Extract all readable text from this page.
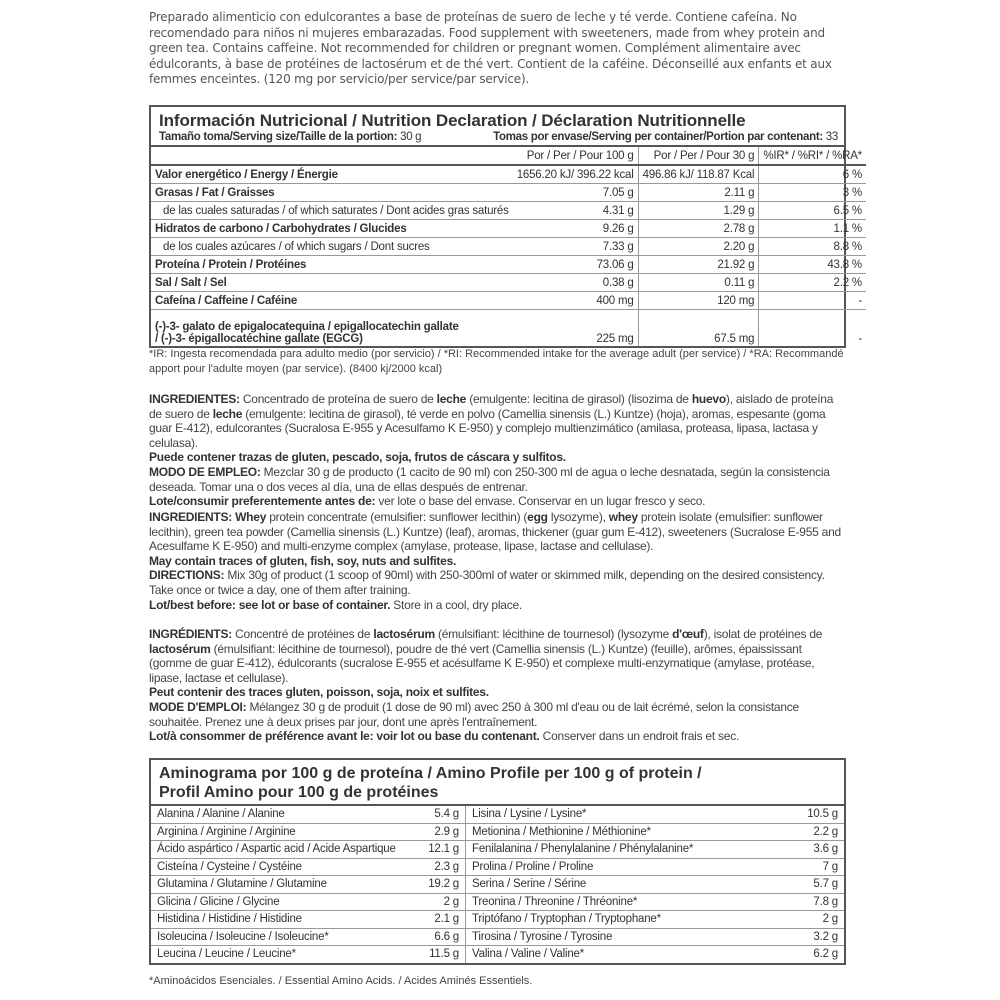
Preparado alimenticio con edulcorantes a base de proteínas de suero de leche y té verde. Contiene cafeína. No recomendado para niños ni mujeres embarazadas. Food supplement with sweeteners, made from whey protein and green tea. Contains caffeine. Not recommended for children or pregnant women. Complément alimentaire avec édulcorants, à base de protéines de lactosérum et de thé vert. Contient de la caféine. Déconseillé aux enfants et aux femmes enceintes. (120 mg por servicio/per service/par service).
Información Nutricional / Nutrition Declaration / Déclaration Nutritionnelle
Tamaño toma/Serving size/Taille de la portion: 30 g	Tomas por envase/Serving per container/Portion par contenant: 33
	Por / Per / Pour 100 g	Por / Per / Pour 30 g	%IR* / %RI* / %RA*
Valor energético / Energy / Énergie	1656.20 kJ/ 396.22 kcal	496.86 kJ/ 118.87 Kcal	6 %
Grasas / Fat / Graisses	7.05 g	2.11 g	3 %
de las cuales saturadas / of which saturates / Dont acides gras saturés	4.31 g	1.29 g	6.5 %
Hidratos de carbono / Carbohydrates / Glucides	9.26 g	2.78 g	1.1 %
de los cuales azúcares / of which sugars / Dont sucres	7.33 g	2.20 g	8.8 %
Proteína / Protein / Protéines	73.06 g	21.92 g	43.8 %
Sal / Salt / Sel	0.38 g	0.11 g	2.2 %
Cafeína / Caffeine / Caféine	400 mg	120 mg	-

(-)-3- galato de epigalocatequina / epigallocatechin gallate
/ (-)-3- épigallocatéchine gallate (EGCG)	225 mg	67.5 mg	-
*IR: Ingesta recomendada para adulto medio (por servicio) / *RI: Recommended intake for the average adult (per service) / *RA: Recommandé apport pour l'adulte moyen (par service). (8400 kj/2000 kcal)
INGREDIENTES: Concentrado de proteína de suero de leche (emulgente: lecitina de girasol) (lisozima de huevo), aislado de proteína de suero de leche (emulgente: lecitina de girasol), té verde en polvo (Camellia sinensis (L.) Kuntze) (hoja), aromas, espesante (goma guar E-412), edulcorantes (Sucralosa E-955 y Acesulfamo K E-950) y complejo multienzimático (amilasa, proteasa, lipasa, lactasa y celulasa).
Puede contener trazas de gluten, pescado, soja, frutos de cáscara y sulfitos.
MODO DE EMPLEO: Mezclar 30 g de producto (1 cacito de 90 ml) con 250-300 ml de agua o leche desnatada, según la consistencia deseada. Tomar una o dos veces al día, una de ellas después de entrenar.
Lote/consumir preferentemente antes de: ver lote o base del envase. Conservar en un lugar fresco y seco.
INGREDIENTS: Whey protein concentrate (emulsifier: sunflower lecithin) (egg lysozyme), whey protein isolate (emulsifier: sunflower lecithin), green tea powder (Camellia sinensis (L.) Kuntze) (leaf), aromas, thickener (guar gum E-412), sweeteners (Sucralose E-955 and Acesulfame K E-950) and multi-enzyme complex (amylase, protease, lipase, lactase and cellulase).
May contain traces of gluten, fish, soy, nuts and sulfites.
DIRECTIONS: Mix 30g of product (1 scoop of 90ml) with 250-300ml of water or skimmed milk, depending on the desired consistency. Take once or twice a day, one of them after training.
Lot/best before: see lot or base of container. Store in a cool, dry place.
INGRÉDIENTS: Concentré de protéines de lactosérum (émulsifiant: lécithine de tournesol) (lysozyme d'œuf), isolat de protéines de lactosérum (émulsifiant: lécithine de tournesol), poudre de thé vert (Camellia sinensis (L.) Kuntze) (feuille), arômes, épaississant (gomme de guar E-412), édulcorants (sucralose E-955 et acésulfame K E-950) et complexe multi-enzymatique (amylase, protéase, lipase, lactase et cellulase).
Peut contenir des traces gluten, poisson, soja, noix et sulfites.
MODE D'EMPLOI: Mélangez 30 g de produit (1 dose de 90 ml) avec 250 à 300 ml d'eau ou de lait écrémé, selon la consistance souhaitée. Prenez une à deux prises par jour, dont une après l'entraînement.
Lot/à consommer de préférence avant le: voir lot ou base du contenant. Conserver dans un endroit frais et sec.
Aminograma por 100 g de proteína / Amino Profile per 100 g of protein /
Profil Amino pour 100 g de protéines
Alanina / Alanine / Alanine	5.4 g	Lisina / Lysine / Lysine*	10.5 g
Arginina / Arginine / Arginine	2.9 g	Metionina / Methionine / Méthionine*	2.2 g
Ácido aspártico / Aspartic acid / Acide Aspartique	12.1 g	Fenilalanina / Phenylalanine / Phénylalanine*	3.6 g
Cisteína / Cysteine / Cystéine	2.3 g	Prolina / Proline / Proline	7 g
Glutamina / Glutamine / Glutamine	19.2 g	Serina / Serine / Sérine	5.7 g
Glicina / Glicine / Glycine	2 g	Treonina / Threonine / Thréonine*	7.8 g
Histidina / Histidine / Histidine	2.1 g	Triptófano / Tryptophan / Tryptophane*	2 g
Isoleucina / Isoleucine / Isoleucine*	6.6 g	Tirosina / Tyrosine / Tyrosine	3.2 g
Leucina / Leucine / Leucine*	11.5 g	Valina / Valine / Valine*	6.2 g
*Aminoácidos Esenciales. / Essential Amino Acids. / Acides Aminés Essentiels.
